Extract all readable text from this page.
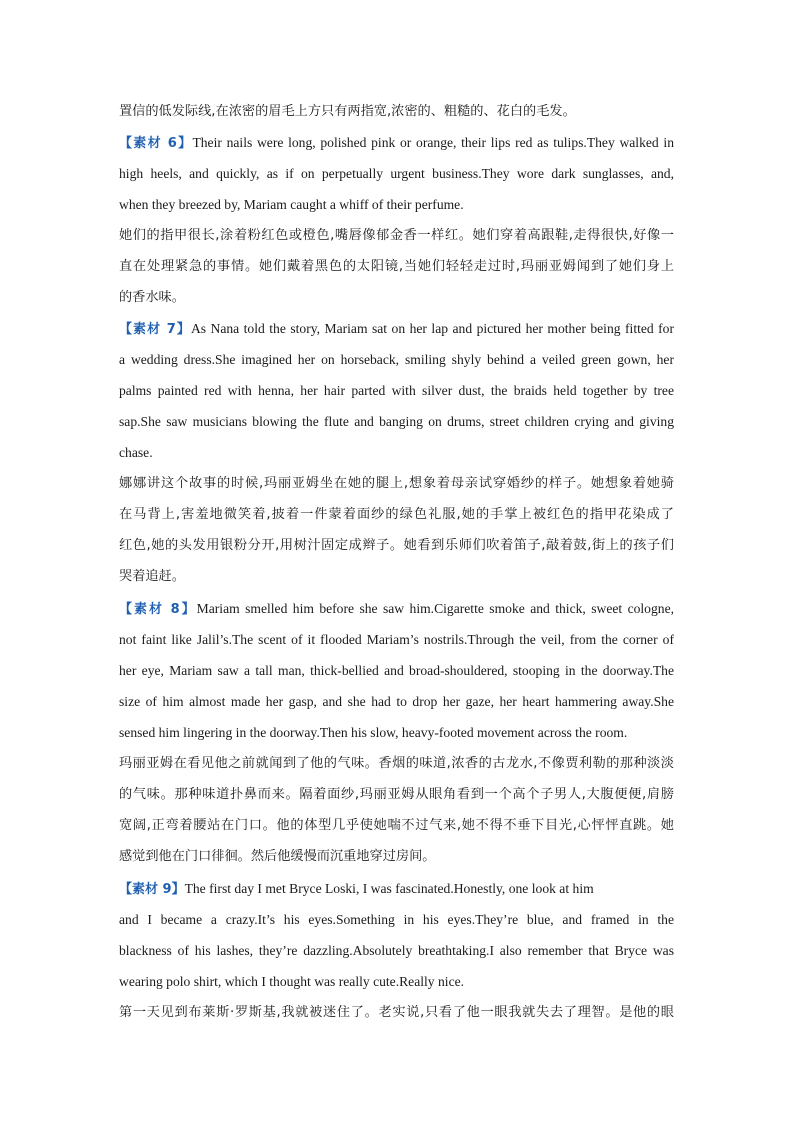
置信的低发际线,在浓密的眉毛上方只有两指宽,浓密的、粗糙的、花白的毛发。
【素材 6】Their nails were long, polished pink or orange, their lips red as tulips.They walked in
high heels, and quickly, as if on perpetually urgent business.They wore dark sunglasses, and,
when they breezed by, Mariam caught a whiff of their perfume.
她们的指甲很长,涂着粉红色或橙色,嘴唇像郁金香一样红。她们穿着高跟鞋,走得很快,好像一
直在处理紧急的事情。她们戴着黑色的太阳镜,当她们轻轻走过时,玛丽亚姆闻到了她们身上
的香水味。
【素材 7】As Nana told the story, Mariam sat on her lap and pictured her mother being fitted for
a wedding dress.She imagined her on horseback, smiling shyly behind a veiled green gown, her
palms painted red with henna, her hair parted with silver dust, the braids held together by tree
sap.She saw musicians blowing the flute and banging on drums, street children crying and giving
chase.
娜娜讲这个故事的时候,玛丽亚姆坐在她的腿上,想象着母亲试穿婚纱的样子。她想象着她骑
在马背上,害羞地微笑着,披着一件蒙着面纱的绿色礼服,她的手掌上被红色的指甲花染成了
红色,她的头发用银粉分开,用树汁固定成辫子。她看到乐师们吹着笛子,敲着鼓,街上的孩子们
哭着追赶。
【素材 8】Mariam smelled him before she saw him.Cigarette smoke and thick, sweet cologne,
not faint like Jalil’s.The scent of it flooded Mariam’s nostrils.Through the veil, from the corner of
her eye, Mariam saw a tall man, thick-bellied and broad-shouldered, stooping in the doorway.The
size of him almost made her gasp, and she had to drop her gaze, her heart hammering away.She
sensed him lingering in the doorway.Then his slow, heavy-footed movement across the room.
玛丽亚姆在看见他之前就闻到了他的气味。香烟的味道,浓香的古龙水,不像贾利勒的那种淡淡
的气味。那种味道扑鼻而来。隔着面纱,玛丽亚姆从眼角看到一个高个子男人,大腹便便,肩膀
宽阔,正弯着腰站在门口。他的体型几乎使她喘不过气来,她不得不垂下目光,心怦怦直跳。她
感觉到他在门口徘徊。然后他缓慢而沉重地穿过房间。
【素材 9】The first day I met Bryce Loski, I was fascinated.Honestly, one look at him
and I became a crazy.It’s his eyes.Something in his eyes.They’re blue, and framed in the
blackness of his lashes, they’re dazzling.Absolutely breathtaking.I also remember that Bryce was
wearing polo shirt, which I thought was really cute.Really nice.
第一天见到布莱斯·罗斯基,我就被迷住了。老实说,只看了他一眼我就失去了理智。是他的眼
